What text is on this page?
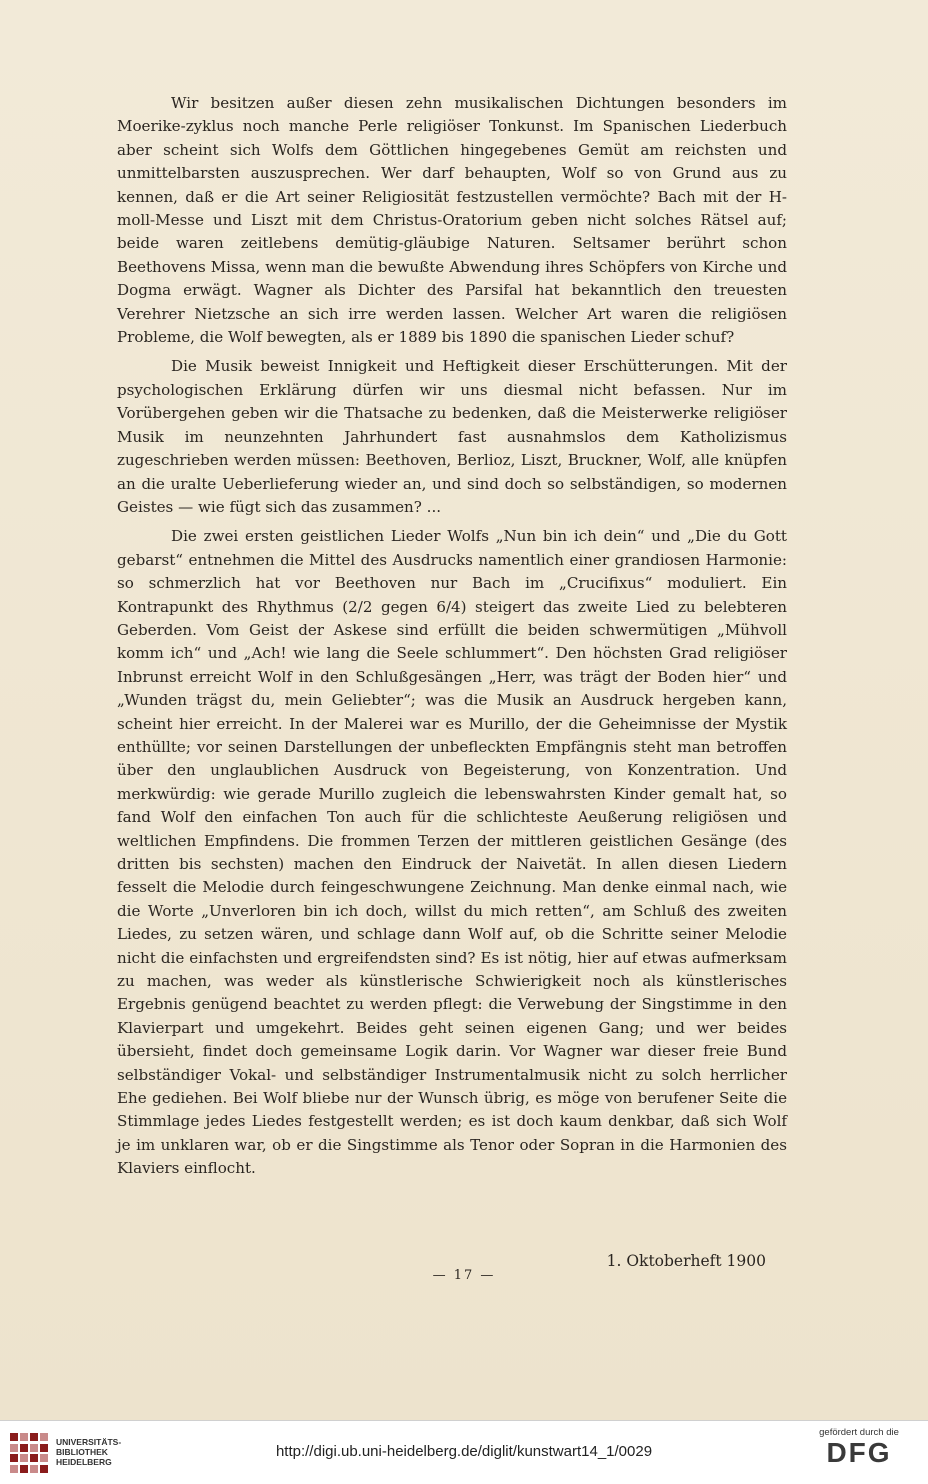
Wir besitzen außer diesen zehn musikalischen Dichtungen besonders im Moerike-zyklus noch manche Perle religiöser Tonkunst. Im Spanischen Liederbuch aber scheint sich Wolfs dem Göttlichen hingegebenes Gemüt am reichsten und unmittelbarsten auszusprechen. Wer darf behaupten, Wolf so von Grund aus zu kennen, daß er die Art seiner Religiosität festzustellen vermöchte? Bach mit der H-moll-Messe und Liszt mit dem Christus-Oratorium geben nicht solches Rätsel auf; beide waren zeitlebens demütig-gläubige Naturen. Seltsamer berührt schon Beethovens Missa, wenn man die bewußte Abwendung ihres Schöpfers von Kirche und Dogma erwägt. Wagner als Dichter des Parsifal hat bekanntlich den treuesten Verehrer Nietzsche an sich irre werden lassen. Welcher Art waren die religiösen Probleme, die Wolf bewegten, als er 1889 bis 1890 die spanischen Lieder schuf?

Die Musik beweist Innigkeit und Heftigkeit dieser Erschütterungen. Mit der psychologischen Erklärung dürfen wir uns diesmal nicht befassen. Nur im Vorübergehen geben wir die Thatsache zu bedenken, daß die Meisterwerke religiöser Musik im neunzehnten Jahrhundert fast ausnahmslos dem Katholizismus zugeschrieben werden müssen: Beethoven, Berlioz, Liszt, Bruckner, Wolf, alle knüpfen an die uralte Ueberlieferung wieder an, und sind doch so selbständigen, so modernen Geistes — wie fügt sich das zusammen? ...

Die zwei ersten geistlichen Lieder Wolfs „Nun bin ich dein“ und „Die du Gott gebarst“ entnehmen die Mittel des Ausdrucks namentlich einer grandiosen Harmonie: so schmerzlich hat vor Beethoven nur Bach im „Crucifixus“ moduliert. Ein Kontrapunkt des Rhythmus (2/2 gegen 6/4) steigert das zweite Lied zu belebteren Geberden. Vom Geist der Askese sind erfüllt die beiden schwermütigen „Mühvoll komm ich“ und „Ach! wie lang die Seele schlummert“. Den höchsten Grad religiöser Inbrunst erreicht Wolf in den Schlußgesängen „Herr, was trägt der Boden hier“ und „Wunden trägst du, mein Geliebter“; was die Musik an Ausdruck hergeben kann, scheint hier erreicht. In der Malerei war es Murillo, der die Geheimnisse der Mystik enthüllte; vor seinen Darstellungen der unbefleckten Empfängnis steht man betroffen über den unglaublichen Ausdruck von Begeisterung, von Konzentration. Und merkwürdig: wie gerade Murillo zugleich die lebenswahrsten Kinder gemalt hat, so fand Wolf den einfachen Ton auch für die schlichteste Aeußerung religiösen und weltlichen Empfindens. Die frommen Terzen der mittleren geistlichen Gesänge (des dritten bis sechsten) machen den Eindruck der Naivetät. In allen diesen Liedern fesselt die Melodie durch feingeschwungene Zeichnung. Man denke einmal nach, wie die Worte „Unverloren bin ich doch, willst du mich retten“, am Schluß des zweiten Liedes, zu setzen wären, und schlage dann Wolf auf, ob die Schritte seiner Melodie nicht die einfachsten und ergreifendsten sind? Es ist nötig, hier auf etwas aufmerksam zu machen, was weder als künstlerische Schwierigkeit noch als künstlerisches Ergebnis genügend beachtet zu werden pflegt: die Verwebung der Singstimme in den Klavierpart und umgekehrt. Beides geht seinen eigenen Gang; und wer beides übersieht, findet doch gemeinsame Logik darin. Vor Wagner war dieser freie Bund selbständiger Vokal- und selbständiger Instrumentalmusik nicht zu solch herrlicher Ehe gediehen. Bei Wolf bliebe nur der Wunsch übrig, es möge von berufener Seite die Stimmlage jedes Liedes festgestellt werden; es ist doch kaum denkbar, daß sich Wolf je im unklaren war, ob er die Singstimme als Tenor oder Sopran in die Harmonien des Klaviers einflocht.

1. Oktoberheft 1900
— 17 —
UNIVERSITÄTS-
BIBLIOTHEK
HEIDELBERG
http://digi.ub.uni-heidelberg.de/diglit/kunstwart14_1/0029
gefördert durch die
DFG
